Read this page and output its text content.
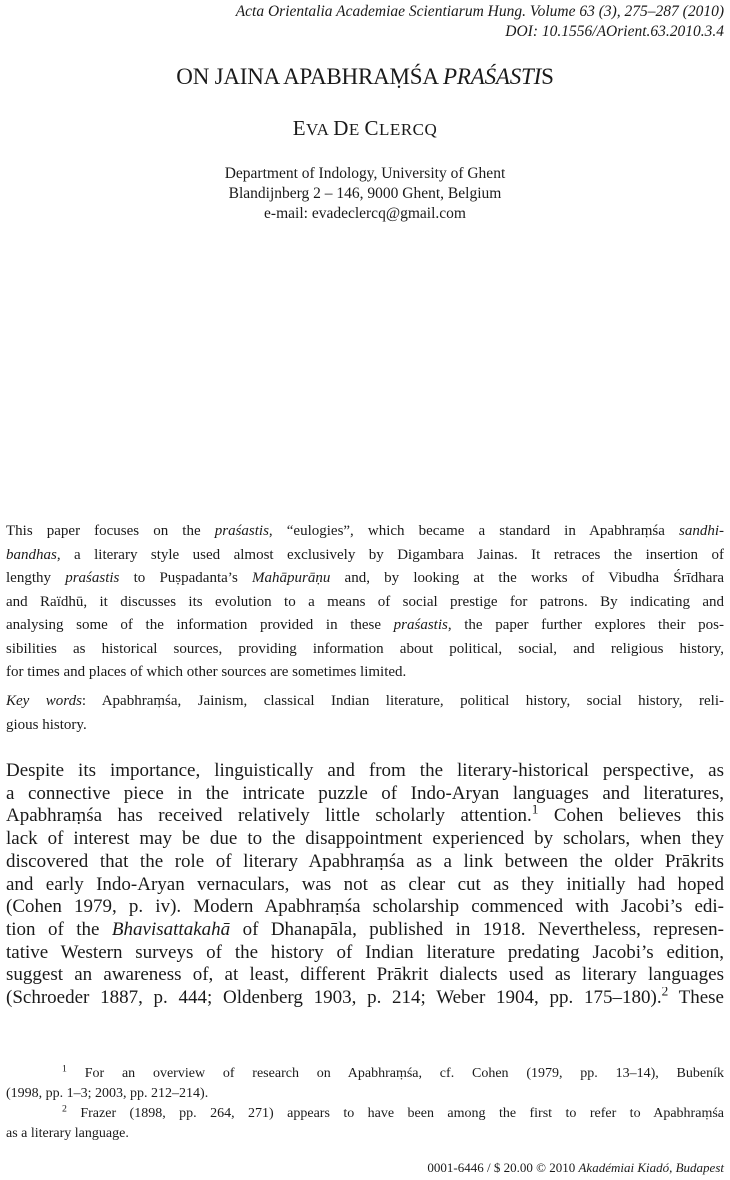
Acta Orientalia Academiae Scientiarum Hung. Volume 63 (3), 275–287 (2010)
DOI: 10.1556/AOrient.63.2010.3.4
ON JAINA APABHRAṂŚA PRAŚASTIS
EVA DE CLERCQ
Department of Indology, University of Ghent
Blandijnberg 2 – 146, 9000 Ghent, Belgium
e-mail: evadeclercq@gmail.com
This paper focuses on the praśastis, “eulogies”, which became a standard in Apabhraṃśa sandhi-
bandhas, a literary style used almost exclusively by Digambara Jainas. It retraces the insertion of
lengthy praśastis to Puṣpadanta’s Mahāpurāṇu and, by looking at the works of Vibudha Śrīdhara
and Raïdhū, it discusses its evolution to a means of social prestige for patrons. By indicating and
analysing some of the information provided in these praśastis, the paper further explores their pos-
sibilities as historical sources, providing information about political, social, and religious history,
for times and places of which other sources are sometimes limited.
Key words: Apabhraṃśa, Jainism, classical Indian literature, political history, social history, reli-
gious history.
Despite its importance, linguistically and from the literary-historical perspective, as
a connective piece in the intricate puzzle of Indo-Aryan languages and literatures,
Apabhraṃśa has received relatively little scholarly attention.$^1$ Cohen believes this
lack of interest may be due to the disappointment experienced by scholars, when they
discovered that the role of literary Apabhraṃśa as a link between the older Prākrits
and early Indo-Aryan vernaculars, was not as clear cut as they initially had hoped
(Cohen 1979, p. iv). Modern Apabhraṃśa scholarship commenced with Jacobi’s edi-
tion of the Bhavisattakahā of Dhanapāla, published in 1918. Nevertheless, represen-
tative Western surveys of the history of Indian literature predating Jacobi’s edition,
suggest an awareness of, at least, different Prākrit dialects used as literary languages
(Schroeder 1887, p. 444; Oldenberg 1903, p. 214; Weber 1904, pp. 175–180).$^2$ These
$^1$ For an overview of research on Apabhraṃśa, cf. Cohen (1979, pp. 13–14), Bubeník
(1998, pp. 1–3; 2003, pp. 212–214).
$^2$ Frazer (1898, pp. 264, 271) appears to have been among the first to refer to Apabhraṃśa
as a literary language.
0001-6446 / $ 20.00 © 2010 Akadémiai Kiadó, Budapest
